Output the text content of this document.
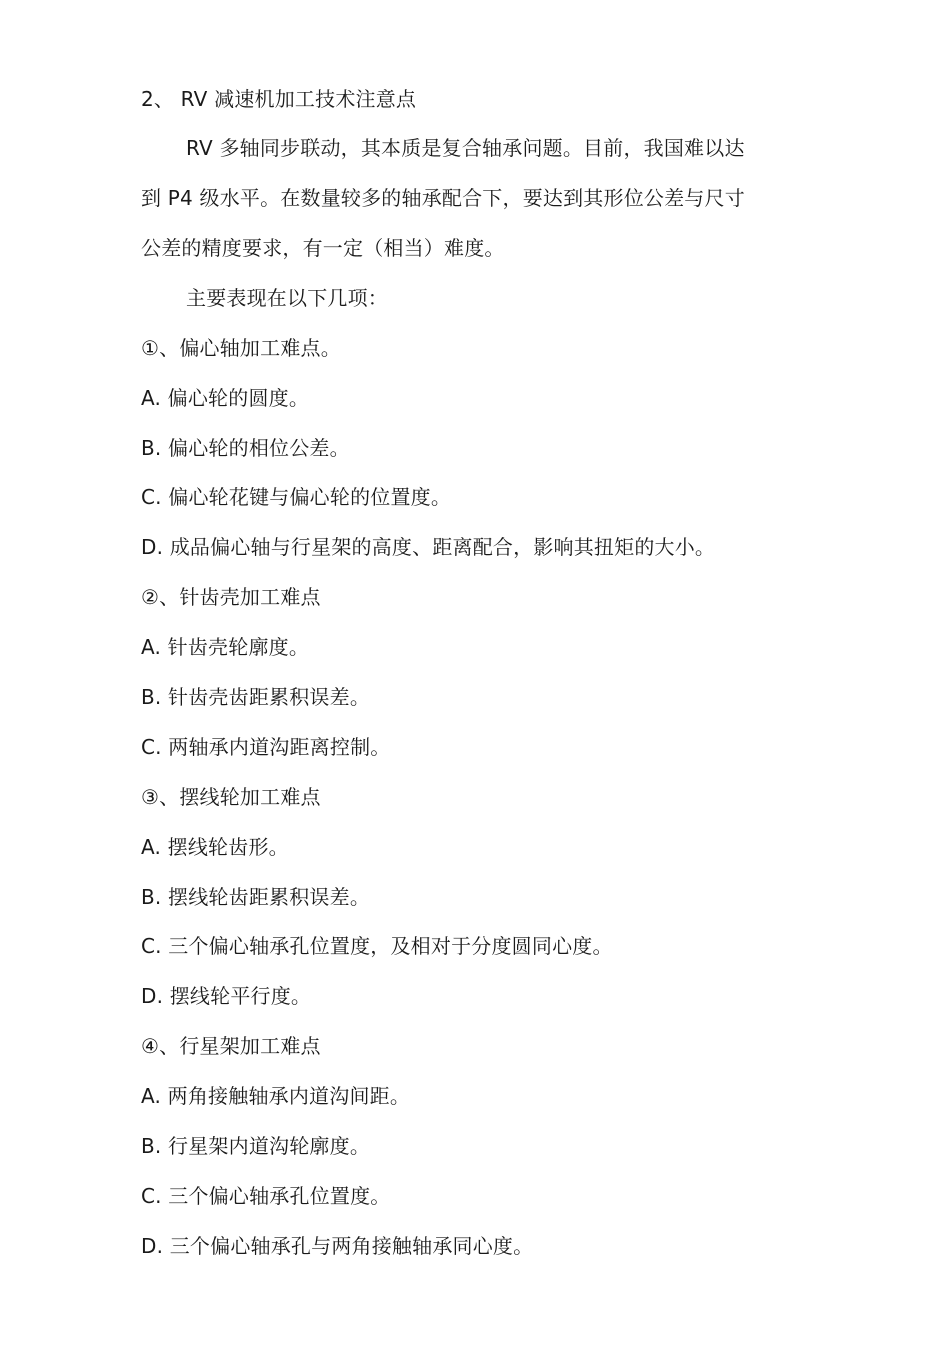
2、 RV 减速机加工技术注意点
RV 多轴同步联动，其本质是复合轴承问题。目前，我国难以达
到 P4 级水平。在数量较多的轴承配合下，要达到其形位公差与尺寸
公差的精度要求，有一定（相当）难度。
主要表现在以下几项：
①、偏心轴加工难点。
A. 偏心轮的圆度。
B. 偏心轮的相位公差。
C. 偏心轮花键与偏心轮的位置度。
D. 成品偏心轴与行星架的高度、距离配合，影响其扭矩的大小。
②、针齿壳加工难点
A. 针齿壳轮廓度。
B. 针齿壳齿距累积误差。
C. 两轴承内道沟距离控制。
③、摆线轮加工难点
A. 摆线轮齿形。
B. 摆线轮齿距累积误差。
C. 三个偏心轴承孔位置度，及相对于分度圆同心度。
D. 摆线轮平行度。
④、行星架加工难点
A. 两角接触轴承内道沟间距。
B. 行星架内道沟轮廓度。
C. 三个偏心轴承孔位置度。
D. 三个偏心轴承孔与两角接触轴承同心度。
